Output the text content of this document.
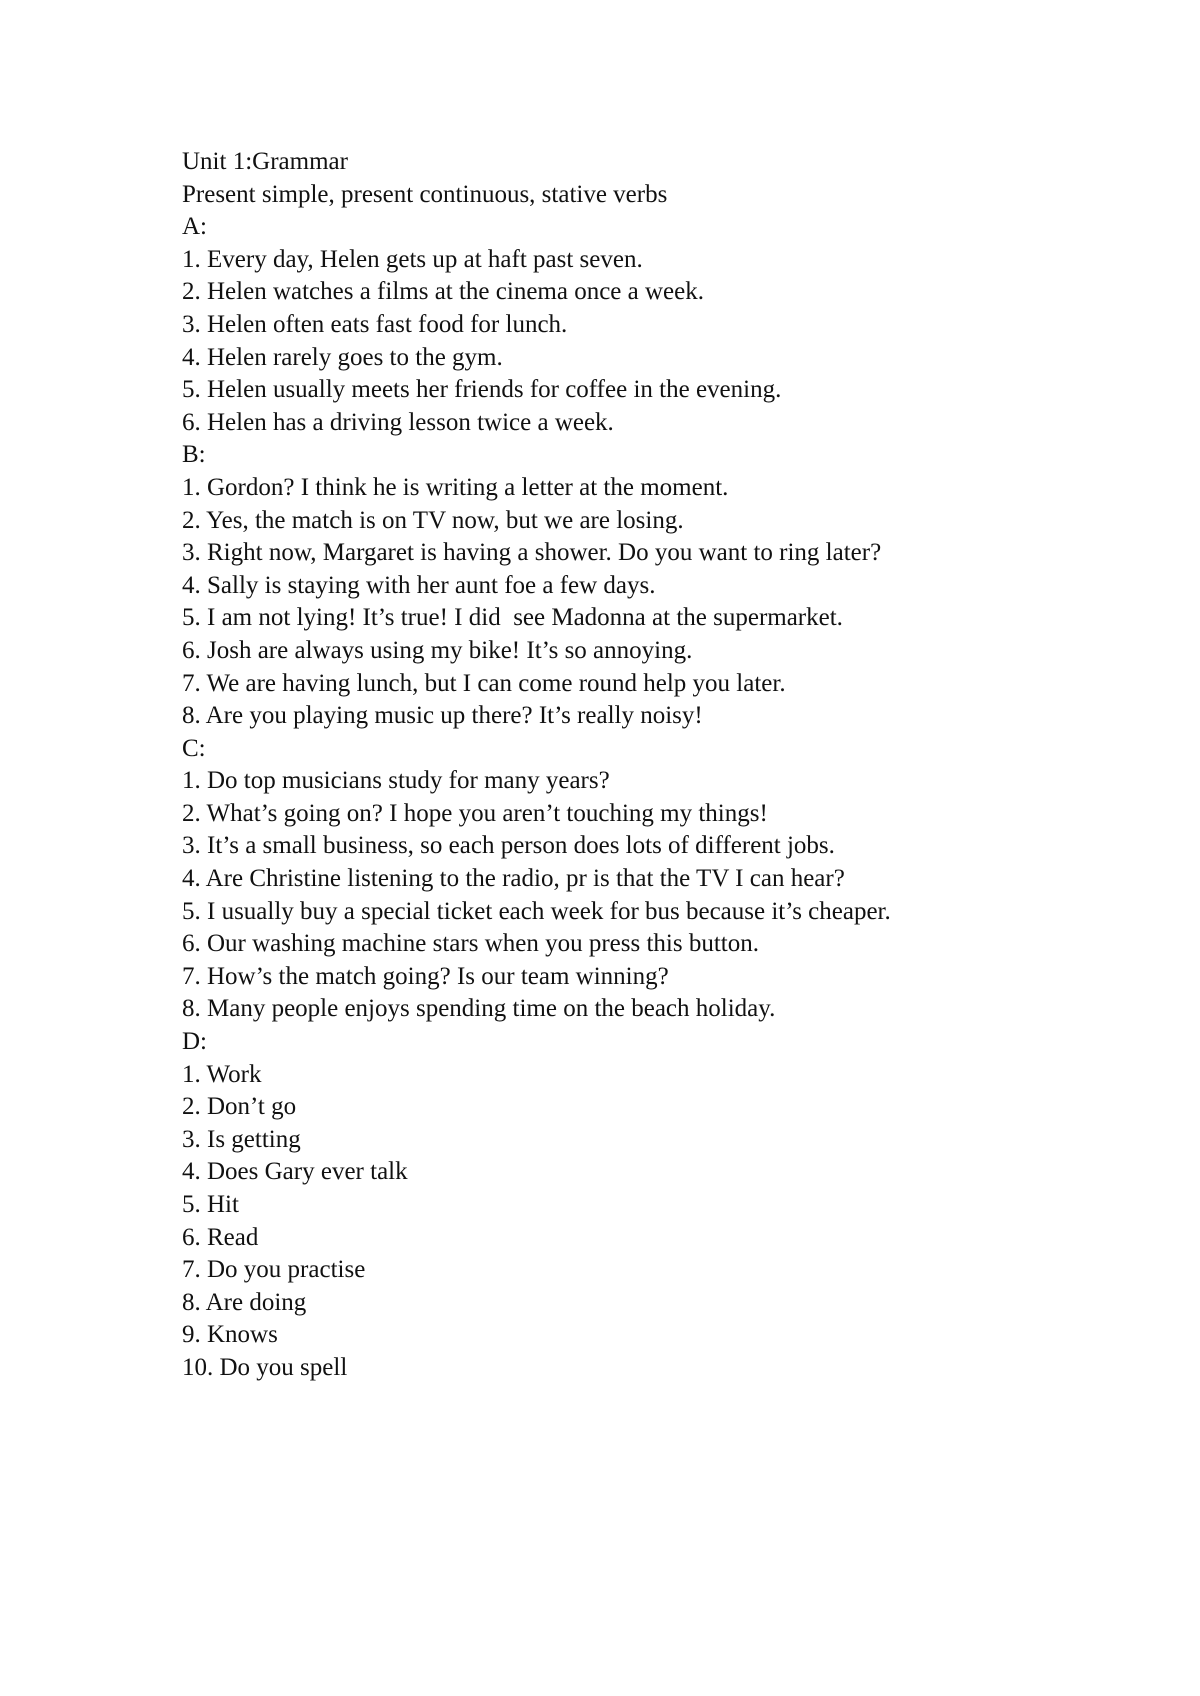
Unit 1:Grammar

Present simple, present continuous, stative verbs

A:

1. Every day, Helen gets up at haft past seven.

2. Helen watches a films at the cinema once a week.

3. Helen often eats fast food for lunch.

4. Helen rarely goes to the gym.

5. Helen usually meets her friends for coffee in the evening.

6. Helen has a driving lesson twice a week.

B:

1. Gordon? I think he is writing a letter at the moment.

2. Yes, the match is on TV now, but we are losing.

3. Right now, Margaret is having a shower. Do you want to ring later?

4. Sally is staying with her aunt foe a few days.

5. I am not lying! It’s true! I did  see Madonna at the supermarket.

6. Josh are always using my bike! It’s so annoying.

7. We are having lunch, but I can come round help you later.

8. Are you playing music up there? It’s really noisy!

C:

1. Do top musicians study for many years?

2. What’s going on? I hope you aren’t touching my things!

3. It’s a small business, so each person does lots of different jobs.

4. Are Christine listening to the radio, pr is that the TV I can hear?

5. I usually buy a special ticket each week for bus because it’s cheaper.

6. Our washing machine stars when you press this button.

7. How’s the match going? Is our team winning?

8. Many people enjoys spending time on the beach holiday.

D:

1. Work

2. Don’t go

3. Is getting

4. Does Gary ever talk

5. Hit

6. Read

7. Do you practise

8. Are doing

9. Knows

10. Do you spell
